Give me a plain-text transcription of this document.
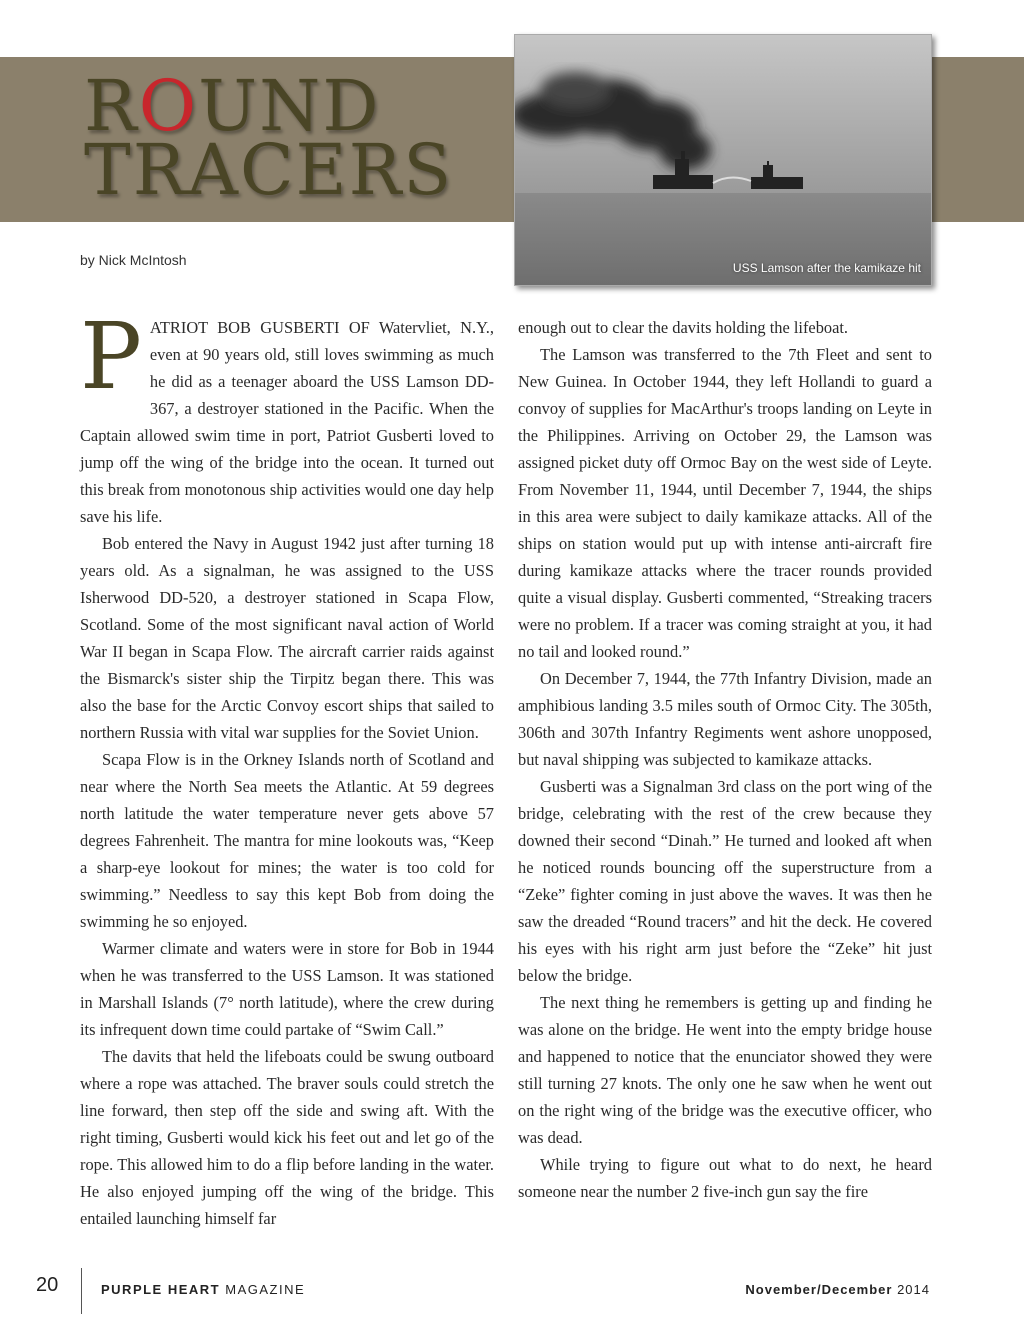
ROUND
TRACERS
USS Lamson after the kamikaze hit
by Nick McIntosh
P ATRIOT BOB GUSBERTI OF Watervliet, N.Y., even at 90 years old, still loves swimming as much he did as a teenager aboard the USS Lamson DD-367, a destroyer stationed in the Pacific. When the Captain allowed swim time in port, Patriot Gusberti loved to jump off the wing of the bridge into the ocean. It turned out this break from monotonous ship activities would one day help save his life.

Bob entered the Navy in August 1942 just after turning 18 years old. As a signalman, he was assigned to the USS Isherwood DD-520, a destroyer stationed in Scapa Flow, Scotland. Some of the most significant naval action of World War II began in Scapa Flow. The aircraft carrier raids against the Bismarck's sister ship the Tirpitz began there. This was also the base for the Arctic Convoy escort ships that sailed to northern Russia with vital war supplies for the Soviet Union.

Scapa Flow is in the Orkney Islands north of Scotland and near where the North Sea meets the Atlantic. At 59 degrees north latitude the water temperature never gets above 57 degrees Fahrenheit. The mantra for mine lookouts was, “Keep a sharp-eye lookout for mines; the water is too cold for swimming.” Needless to say this kept Bob from doing the swimming he so enjoyed.

Warmer climate and waters were in store for Bob in 1944 when he was transferred to the USS Lamson. It was stationed in Marshall Islands (7° north latitude), where the crew during its infrequent down time could partake of “Swim Call.”

The davits that held the lifeboats could be swung outboard where a rope was attached. The braver souls could stretch the line forward, then step off the side and swing aft. With the right timing, Gusberti would kick his feet out and let go of the rope. This allowed him to do a flip before landing in the water. He also enjoyed jumping off the wing of the bridge. This entailed launching himself far

enough out to clear the davits holding the lifeboat.

The Lamson was transferred to the 7th Fleet and sent to New Guinea. In October 1944, they left Hollandi to guard a convoy of supplies for MacArthur's troops landing on Leyte in the Philippines. Arriving on October 29, the Lamson was assigned picket duty off Ormoc Bay on the west side of Leyte. From November 11, 1944, until December 7, 1944, the ships in this area were subject to daily kamikaze attacks. All of the ships on station would put up with intense anti-aircraft fire during kamikaze attacks where the tracer rounds provided quite a visual display. Gusberti commented, “Streaking tracers were no problem. If a tracer was coming straight at you, it had no tail and looked round.”

On December 7, 1944, the 77th Infantry Division, made an amphibious landing 3.5 miles south of Ormoc City. The 305th, 306th and 307th Infantry Regiments went ashore unopposed, but naval shipping was subjected to kamikaze attacks.

Gusberti was a Signalman 3rd class on the port wing of the bridge, celebrating with the rest of the crew because they downed their second “Dinah.” He turned and looked aft when he noticed rounds bouncing off the superstructure from a “Zeke” fighter coming in just above the waves. It was then he saw the dreaded “Round tracers” and hit the deck. He covered his eyes with his right arm just before the “Zeke” hit just below the bridge.

The next thing he remembers is getting up and finding he was alone on the bridge. He went into the empty bridge house and happened to notice that the enunciator showed they were still turning 27 knots. The only one he saw when he went out on the right wing of the bridge was the executive officer, who was dead.

While trying to figure out what to do next, he heard someone near the number 2 five-inch gun say the fire

20	PURPLE HEART MAGAZINE	November/December 2014
